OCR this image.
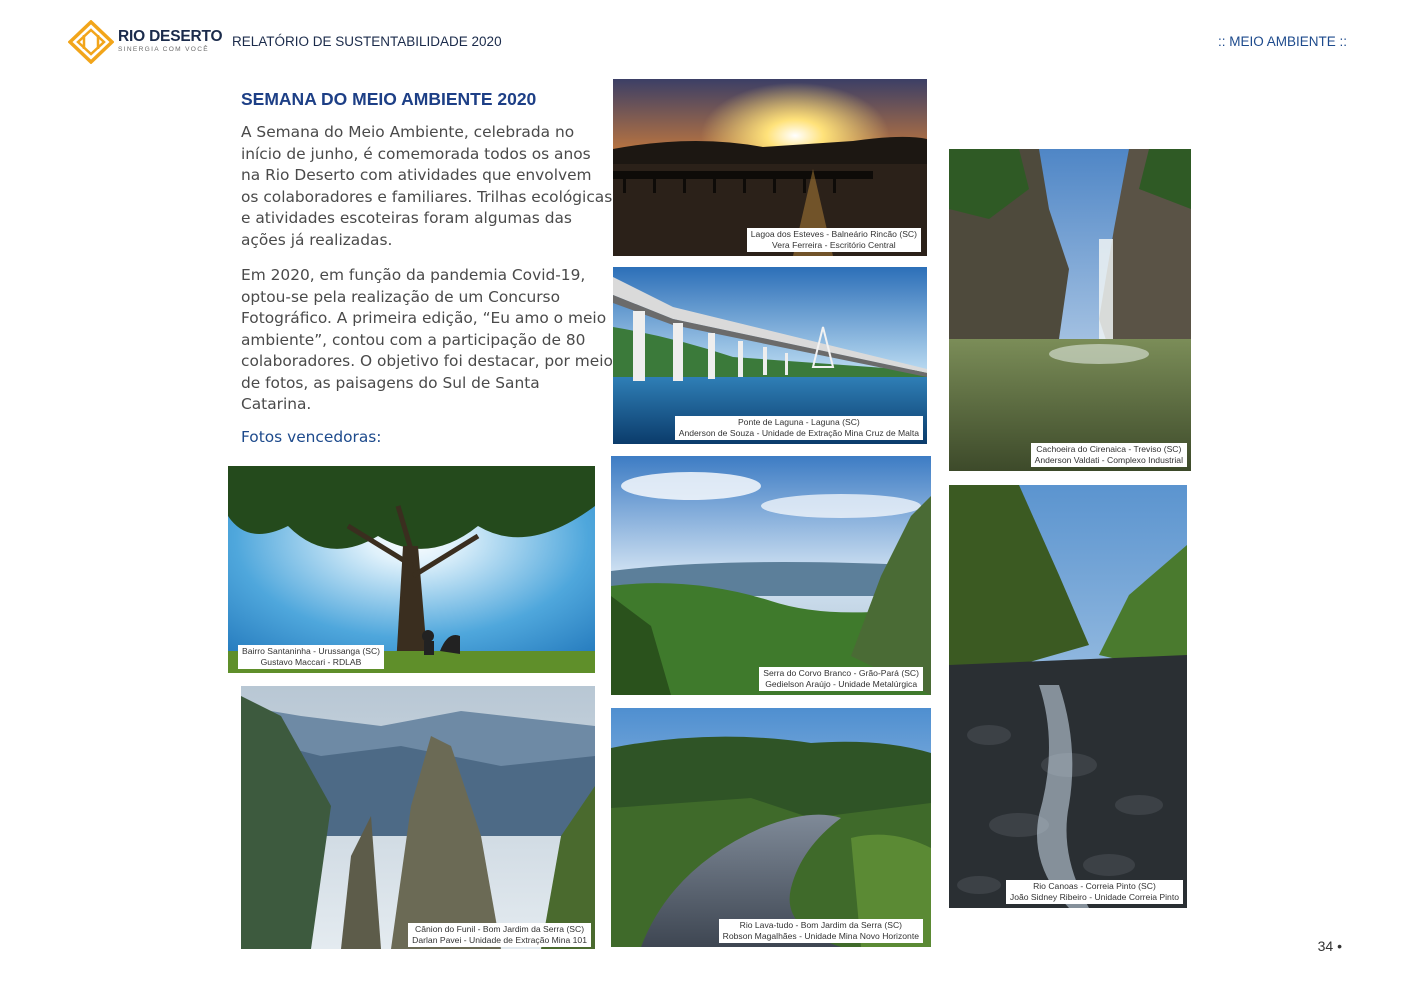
RIO DESERTO
SINERGIA COM VOCÊ
RELATÓRIO DE SUSTENTABILIDADE 2020	:: MEIO AMBIENTE ::
SEMANA DO MEIO AMBIENTE 2020

A Semana do Meio Ambiente, celebrada no início de junho, é comemorada todos os anos na Rio Deserto com atividades que envolvem os colaboradores e familiares. Trilhas ecológicas e atividades escoteiras foram algumas das ações já realizadas.

Em 2020, em função da pandemia Covid-19, optou-se pela realização de um Concurso Fotográfico. A primeira edição, “Eu amo o meio ambiente”, contou com a participação de 80 colaboradores. O objetivo foi destacar, por meio de fotos, as paisagens do Sul de Santa Catarina.

Fotos vencedoras:
Lagoa dos Esteves - Balneário Rincão (SC)
Vera Ferreira - Escritório Central
Ponte de Laguna - Laguna (SC)
Anderson de Souza - Unidade de Extração Mina Cruz de Malta
Cachoeira do Cirenaica - Treviso (SC)
Anderson Valdati - Complexo Industrial
Bairro Santaninha - Urussanga (SC)
Gustavo Maccari - RDLAB
Serra do Corvo Branco - Grão-Pará (SC)
Gedielson Araújo - Unidade Metalúrgica
Rio Canoas - Correia Pinto (SC)
João Sidney Ribeiro - Unidade Correia Pinto
Cânion do Funil - Bom Jardim da Serra (SC)
Darlan Pavei - Unidade de Extração Mina 101
Rio Lava-tudo - Bom Jardim da Serra (SC)
Robson Magalhães - Unidade Mina Novo Horizonte
34 •
